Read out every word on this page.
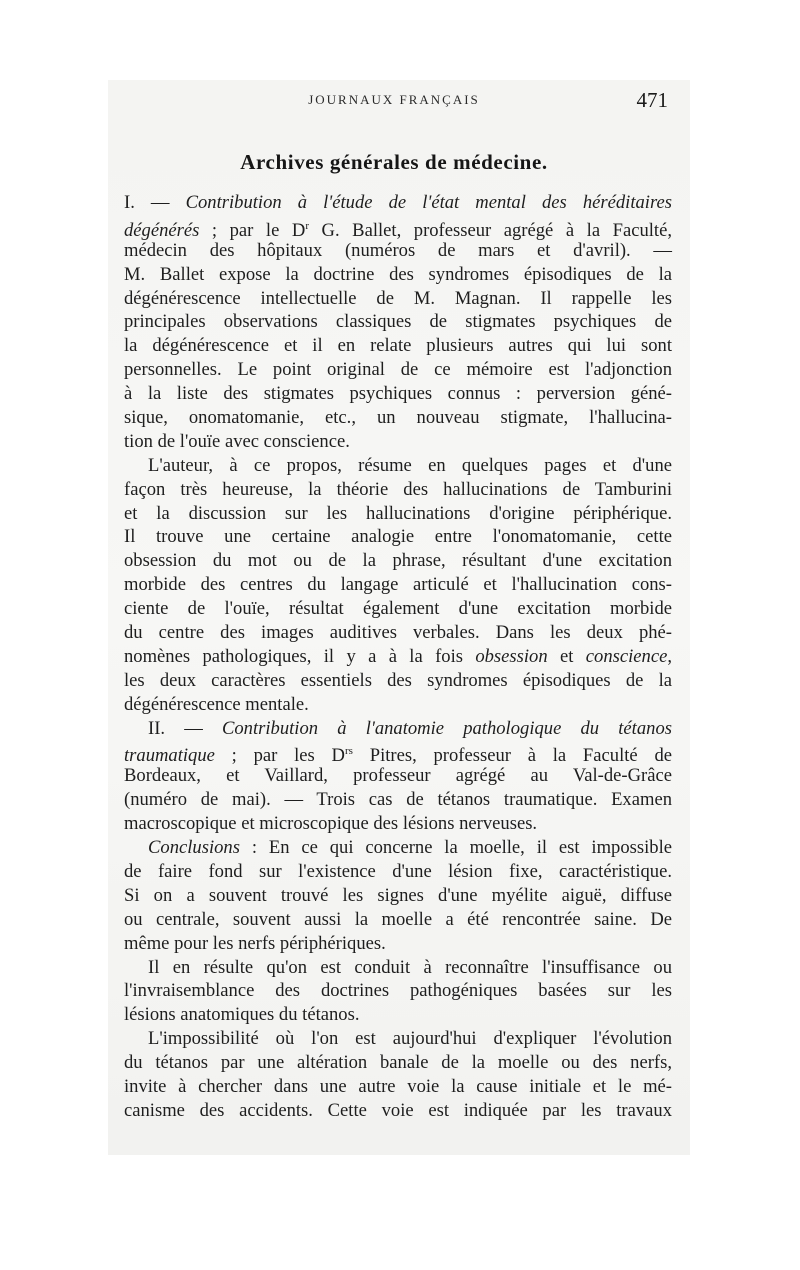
JOURNAUX FRANÇAIS	471
Archives générales de médecine.
I. — Contribution à l'étude de l'état mental des héréditaires
dégénérés ; par le $D^r$ G. Ballet, professeur agrégé à la Faculté,
médecin des hôpitaux (numéros de mars et d'avril). —
M. Ballet expose la doctrine des syndromes épisodiques de la
dégénérescence intellectuelle de M. Magnan. Il rappelle les
principales observations classiques de stigmates psychiques de
la dégénérescence et il en relate plusieurs autres qui lui sont
personnelles. Le point original de ce mémoire est l'adjonction
à la liste des stigmates psychiques connus : perversion géné-
sique, onomatomanie, etc., un nouveau stigmate, l'hallucina-
tion de l'ouïe avec conscience.
L'auteur, à ce propos, résume en quelques pages et d'une
façon très heureuse, la théorie des hallucinations de Tamburini
et la discussion sur les hallucinations d'origine périphérique.
Il trouve une certaine analogie entre l'onomatomanie, cette
obsession du mot ou de la phrase, résultant d'une excitation
morbide des centres du langage articulé et l'hallucination cons-
ciente de l'ouïe, résultat également d'une excitation morbide
du centre des images auditives verbales. Dans les deux phé-
nomènes pathologiques, il y a à la fois obsession et conscience,
les deux caractères essentiels des syndromes épisodiques de la
dégénérescence mentale.
II. — Contribution à l'anatomie pathologique du tétanos
traumatique ; par les $D^{rs}$ Pitres, professeur à la Faculté de
Bordeaux, et Vaillard, professeur agrégé au Val-de-Grâce
(numéro de mai). — Trois cas de tétanos traumatique. Examen
macroscopique et microscopique des lésions nerveuses.
Conclusions : En ce qui concerne la moelle, il est impossible
de faire fond sur l'existence d'une lésion fixe, caractéristique.
Si on a souvent trouvé les signes d'une myélite aiguë, diffuse
ou centrale, souvent aussi la moelle a été rencontrée saine. De
même pour les nerfs périphériques.
Il en résulte qu'on est conduit à reconnaître l'insuffisance ou
l'invraisemblance des doctrines pathogéniques basées sur les
lésions anatomiques du tétanos.
L'impossibilité où l'on est aujourd'hui d'expliquer l'évolution
du tétanos par une altération banale de la moelle ou des nerfs,
invite à chercher dans une autre voie la cause initiale et le mé-
canisme des accidents. Cette voie est indiquée par les travaux
